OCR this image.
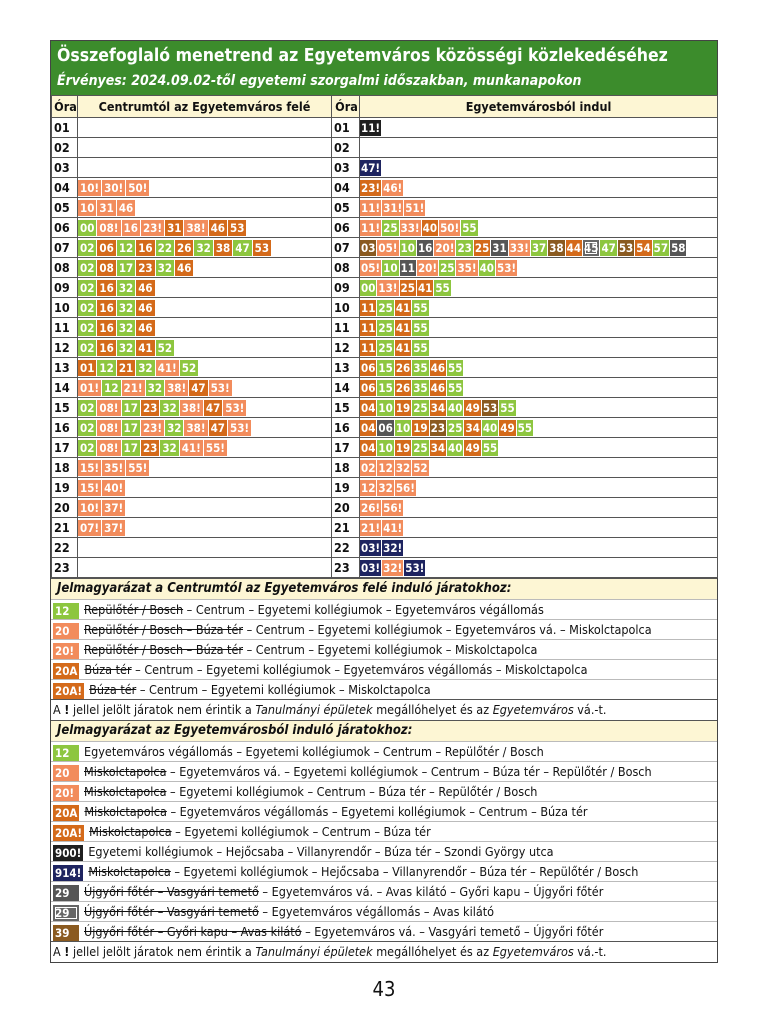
Összefoglaló menetrend az Egyetemváros közösségi közlekedéséhez
Érvényes: 2024.09.02-től egyetemi szorgalmi időszakban, munkanapokon
Óra	Centrumtól az Egyetemváros felé	Óra	Egyetemvárosból indul
01		01	11!
02		02	
03		03	47!
04	10! 30! 50!	04	23! 46!
05	10 31 46	05	11! 31! 51!
06	00 08! 16 23! 31 38! 46 53	06	11! 25 33! 40 50! 55
07	02 06 12 16 22 26 32 38 47 53	07	03 05! 10 16 20! 23 25 31 33! 37 38 44 45 47 53 54 57 58
08	02 08 17 23 32 46	08	05! 10 11 20! 25 35! 40 53!
09	02 16 32 46	09	00 13! 25 41 55
10	02 16 32 46	10	11 25 41 55
11	02 16 32 46	11	11 25 41 55
12	02 16 32 41 52	12	11 25 41 55
13	01 12 21 32 41! 52	13	06 15 26 35 46 55
14	01! 12 21! 32 38! 47 53!	14	06 15 26 35 46 55
15	02 08! 17 23 32 38! 47 53!	15	04 10 19 25 34 40 49 53 55
16	02 08! 17 23! 32 38! 47 53!	16	04 06 10 19 23 25 34 40 49 55
17	02 08! 17 23 32 41! 55!	17	04 10 19 25 34 40 49 55
18	15! 35! 55!	18	02 12 32 52
19	15! 40!	19	12 32 56!
20	10! 37!	20	26! 56!
21	07! 37!	21	21! 41!
22		22	03! 32!
23		23	03! 32! 53!
Jelmagyarázat a Centrumtól az Egyetemváros felé induló járatokhoz:
12 Repülőtér / Bosch – Centrum – Egyetemi kollégiumok – Egyetemváros végállomás
20 Repülőtér / Bosch – Búza tér – Centrum – Egyetemi kollégiumok – Egyetemváros vá. – Miskolctapolca
20! Repülőtér / Bosch – Búza tér – Centrum – Egyetemi kollégiumok – Miskolctapolca
20A Búza tér – Centrum – Egyetemi kollégiumok – Egyetemváros végállomás – Miskolctapolca
20A! Búza tér – Centrum – Egyetemi kollégiumok – Miskolctapolca
A ! jellel jelölt járatok nem érintik a Tanulmányi épületek megállóhelyet és az Egyetemváros vá.-t.
Jelmagyarázat az Egyetemvárosból induló járatokhoz:
12 Egyetemváros végállomás – Egyetemi kollégiumok – Centrum – Repülőtér / Bosch
20 Miskolctapolca – Egyetemváros vá. – Egyetemi kollégiumok – Centrum – Búza tér – Repülőtér / Bosch
20! Miskolctapolca – Egyetemi kollégiumok – Centrum – Búza tér – Repülőtér / Bosch
20A Miskolctapolca – Egyetemváros végállomás – Egyetemi kollégiumok – Centrum – Búza tér
20A! Miskolctapolca – Egyetemi kollégiumok – Centrum – Búza tér
900! Egyetemi kollégiumok – Hejőcsaba – Villanyrendőr – Búza tér – Szondi György utca
914! Miskolctapolca – Egyetemi kollégiumok – Hejőcsaba – Villanyrendőr – Búza tér – Repülőtér / Bosch
29 Újgyőri főtér – Vasgyári temető – Egyetemváros vá. – Avas kilátó – Győri kapu – Újgyőri főtér
29 Újgyőri főtér – Vasgyári temető – Egyetemváros végállomás – Avas kilátó
39 Újgyőri főtér – Győri kapu – Avas kilátó – Egyetemváros vá. – Vasgyári temető – Újgyőri főtér
A ! jellel jelölt járatok nem érintik a Tanulmányi épületek megállóhelyet és az Egyetemváros vá.-t.
43
